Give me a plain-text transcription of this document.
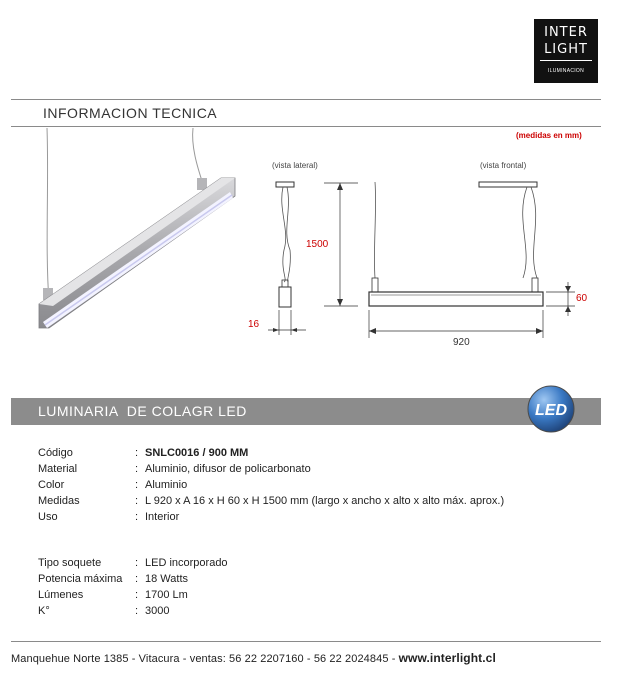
INTER
LIGHT
ILUMINACION
INFORMACION TECNICA
(medidas en mm)
(vista lateral)
1500
16
(vista frontal)
920
60
LUMINARIA  DE COLAGR LED	LED
Código	: SNLC0016 / 900 MM
Material	: Aluminio, difusor de policarbonato
Color	: Aluminio
Medidas	: L 920 x A 16 x H 60 x H 1500 mm (largo x ancho x alto x alto máx. aprox.)
Uso	: Interior
Tipo soquete	: LED incorporado
Potencia máxima : 18 Watts
Lúmenes	: 1700 Lm
K°	: 3000
Manquehue Norte 1385 - Vitacura - ventas: 56 22 2207160 - 56 22 2024845 - www.interlight.cl
